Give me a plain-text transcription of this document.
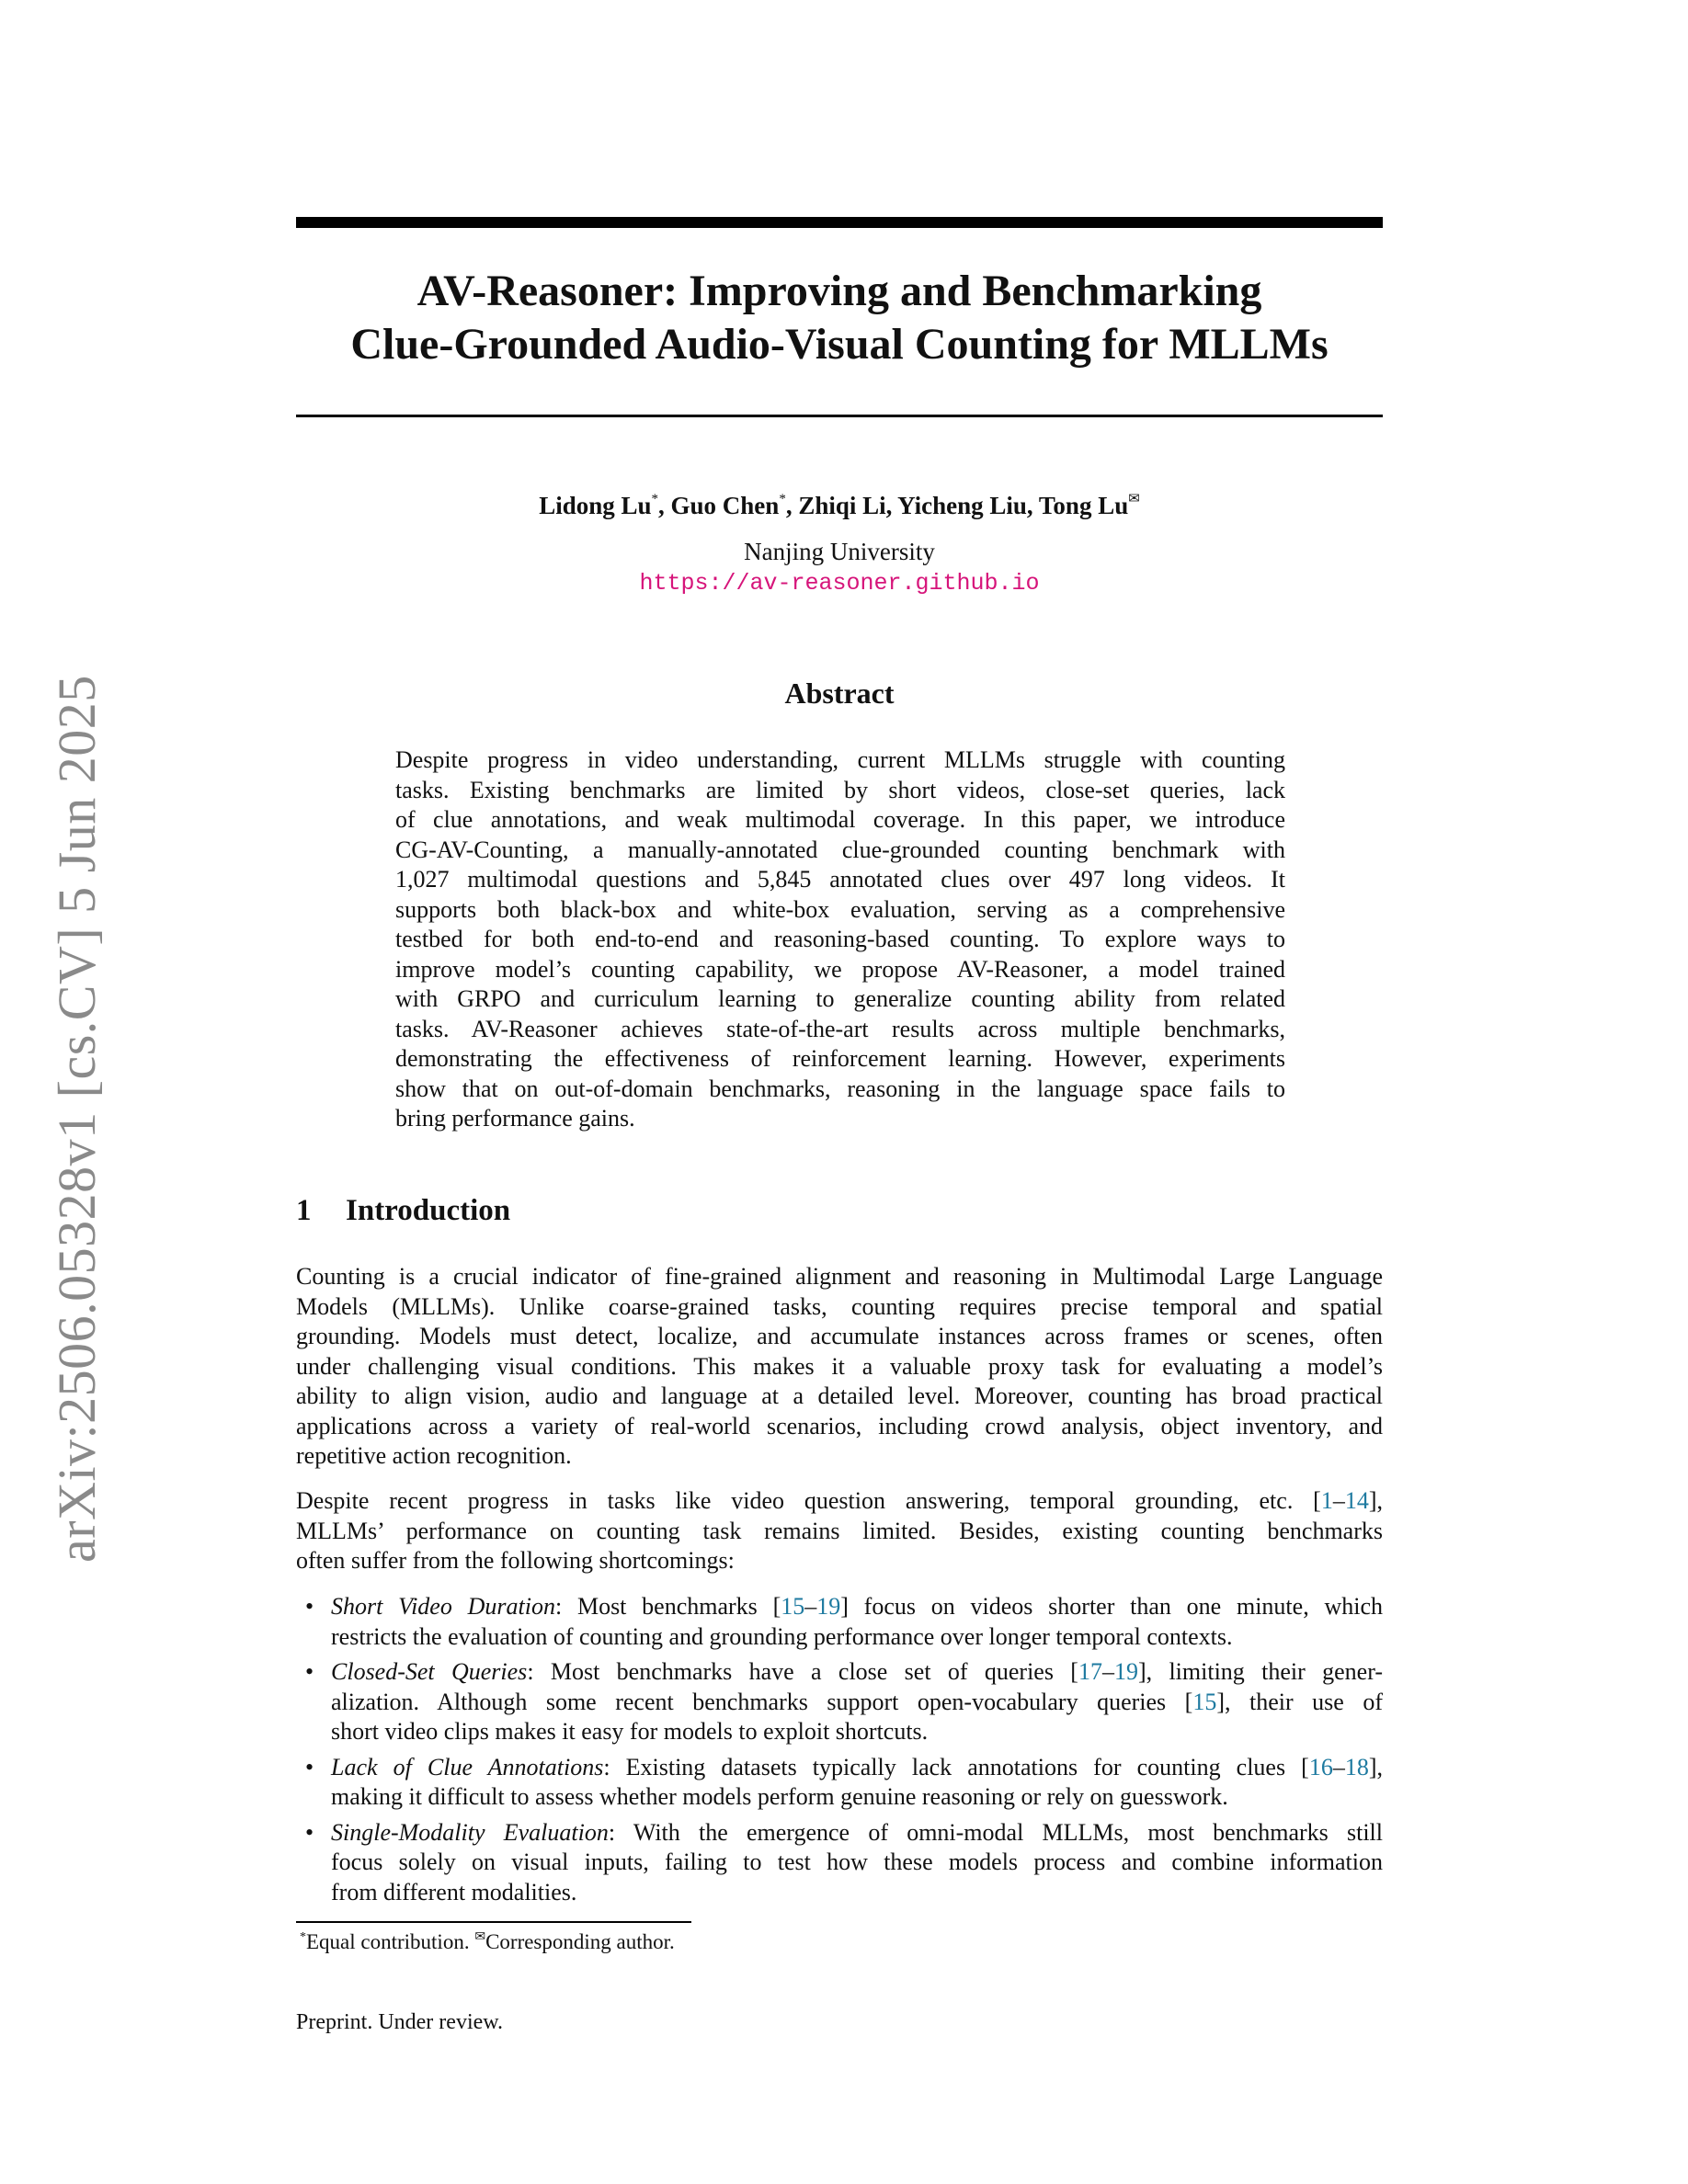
arXiv:2506.05328v1 [cs.CV] 5 Jun 2025
AV-Reasoner: Improving and Benchmarking
Clue-Grounded Audio-Visual Counting for MLLMs
Lidong Lu*, Guo Chen*, Zhiqi Li, Yicheng Liu, Tong Lu✉
Nanjing University
https://av-reasoner.github.io
Abstract
Despite progress in video understanding, current MLLMs struggle with counting
tasks. Existing benchmarks are limited by short videos, close-set queries, lack
of clue annotations, and weak multimodal coverage. In this paper, we introduce
CG-AV-Counting, a manually-annotated clue-grounded counting benchmark with
1,027 multimodal questions and 5,845 annotated clues over 497 long videos. It
supports both black-box and white-box evaluation, serving as a comprehensive
testbed for both end-to-end and reasoning-based counting. To explore ways to
improve model’s counting capability, we propose AV-Reasoner, a model trained
with GRPO and curriculum learning to generalize counting ability from related
tasks. AV-Reasoner achieves state-of-the-art results across multiple benchmarks,
demonstrating the effectiveness of reinforcement learning. However, experiments
show that on out-of-domain benchmarks, reasoning in the language space fails to
bring performance gains.
1 Introduction
Counting is a crucial indicator of fine-grained alignment and reasoning in Multimodal Large Language
Models (MLLMs). Unlike coarse-grained tasks, counting requires precise temporal and spatial
grounding. Models must detect, localize, and accumulate instances across frames or scenes, often
under challenging visual conditions. This makes it a valuable proxy task for evaluating a model’s
ability to align vision, audio and language at a detailed level. Moreover, counting has broad practical
applications across a variety of real-world scenarios, including crowd analysis, object inventory, and
repetitive action recognition.
Despite recent progress in tasks like video question answering, temporal grounding, etc. [1–14],
MLLMs’ performance on counting task remains limited. Besides, existing counting benchmarks
often suffer from the following shortcomings:
• Short Video Duration: Most benchmarks [15–19] focus on videos shorter than one minute, which
restricts the evaluation of counting and grounding performance over longer temporal contexts.
• Closed-Set Queries: Most benchmarks have a close set of queries [17–19], limiting their gener-
alization. Although some recent benchmarks support open-vocabulary queries [15], their use of
short video clips makes it easy for models to exploit shortcuts.
• Lack of Clue Annotations: Existing datasets typically lack annotations for counting clues [16–18],
making it difficult to assess whether models perform genuine reasoning or rely on guesswork.
• Single-Modality Evaluation: With the emergence of omni-modal MLLMs, most benchmarks still
focus solely on visual inputs, failing to test how these models process and combine information
from different modalities.
*Equal contribution. ✉Corresponding author.
Preprint. Under review.
